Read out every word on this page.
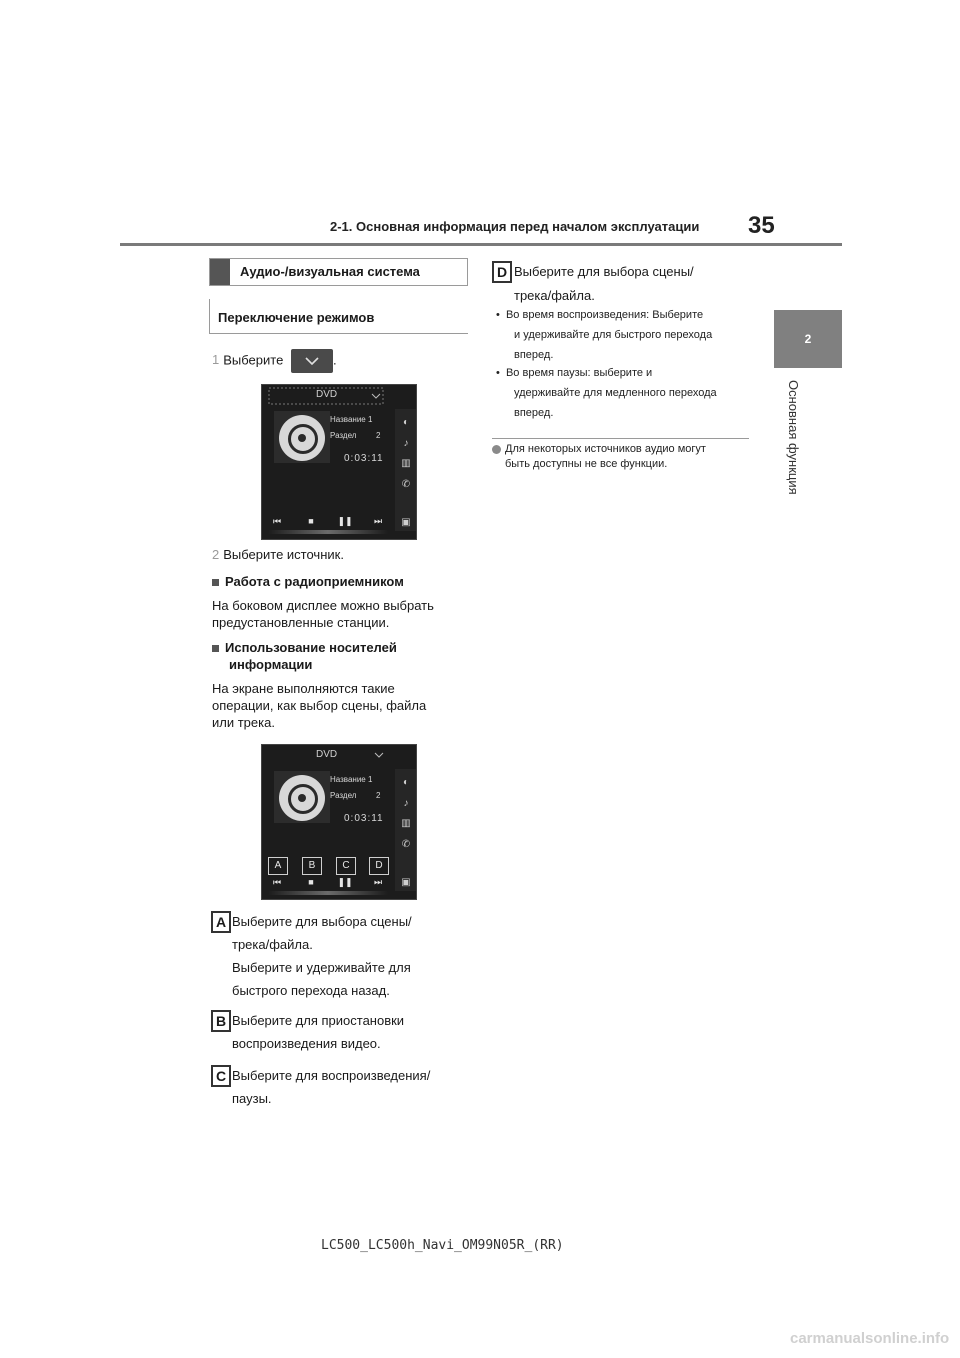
2-1. Основная информация перед началом эксплуатации 35
2
Основная функция
Аудио-/визуальная система
Переключение режимов
1 Выберите	.
DVD
Название 1
Раздел 2
0:03:11
◐
♪
▥
✆
▣
⏮	■	❚❚	⏭
2 Выберите источник.
Работа с радиоприемником
На боковом дисплее можно выбрать
предустановленные станции.
Использование носителей
информации
На экране выполняются такие
операции, как выбор сцены, файла
или трека.
DVD
Название 1
Раздел 2
0:03:11
◐
♪
▥
✆
▣
A	B	C	D
⏮	■	❚❚	⏭
A Выберите для выбора сцены/
трека/файла.
Выберите и удерживайте для
быстрого перехода назад.
B Выберите для приостановки
воспроизведения видео.
C Выберите для воспроизведения/
паузы.
D Выберите для выбора сцены/
трека/файла.
•  Во время воспроизведения: Выберите
и удерживайте для быстрого перехода
вперед.
•  Во время паузы: выберите и
удерживайте для медленного перехода
вперед.
Для некоторых источников аудио могут
быть доступны не все функции.
LC500_LC500h_Navi_OM99N05R_(RR)
carmanualsonline.info
